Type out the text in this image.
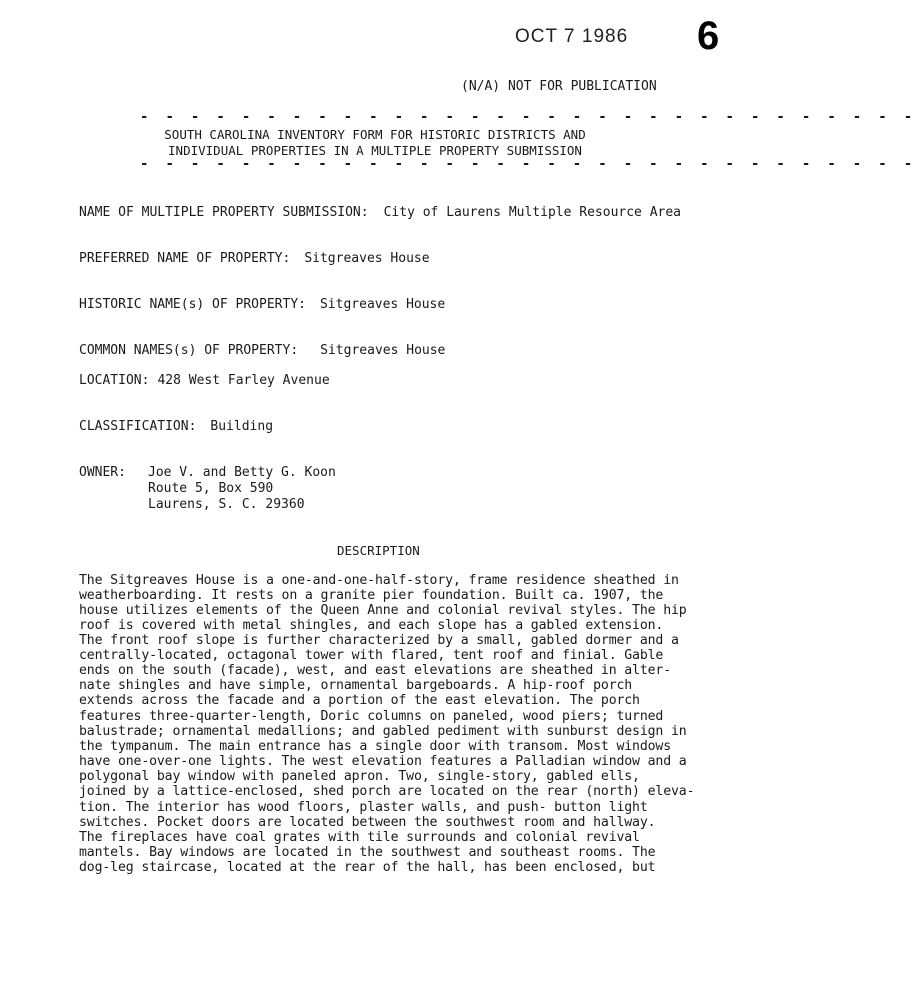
OCT 7 1986 6
(N/A) NOT FOR PUBLICATION
- - - - - - - - - - - - - - - - - - - - - - - - - - - - - - -
SOUTH CAROLINA INVENTORY FORM FOR HISTORIC DISTRICTS AND
INDIVIDUAL PROPERTIES IN A MULTIPLE PROPERTY SUBMISSION
- - - - - - - - - - - - - - - - - - - - - - - - - - - - - - -
NAME OF MULTIPLE PROPERTY SUBMISSION: City of Laurens Multiple Resource Area
PREFERRED NAME OF PROPERTY: Sitgreaves House
HISTORIC NAME(s) OF PROPERTY: Sitgreaves House
COMMON NAMES(s) OF PROPERTY: Sitgreaves House
LOCATION: 428 West Farley Avenue
CLASSIFICATION: Building
OWNER: Joe V. and Betty G. Koon
Route 5, Box 590
Laurens, S. C. 29360
DESCRIPTION
The Sitgreaves House is a one-and-one-half-story, frame residence sheathed in
weatherboarding. It rests on a granite pier foundation. Built ca. 1907, the
house utilizes elements of the Queen Anne and colonial revival styles. The hip
roof is covered with metal shingles, and each slope has a gabled extension.
The front roof slope is further characterized by a small, gabled dormer and a
centrally-located, octagonal tower with flared, tent roof and finial. Gable
ends on the south (facade), west, and east elevations are sheathed in alter-
nate shingles and have simple, ornamental bargeboards. A hip-roof porch
extends across the facade and a portion of the east elevation. The porch
features three-quarter-length, Doric columns on paneled, wood piers; turned
balustrade; ornamental medallions; and gabled pediment with sunburst design in
the tympanum. The main entrance has a single door with transom. Most windows
have one-over-one lights. The west elevation features a Palladian window and a
polygonal bay window with paneled apron. Two, single-story, gabled ells,
joined by a lattice-enclosed, shed porch are located on the rear (north) eleva-
tion. The interior has wood floors, plaster walls, and push- button light
switches. Pocket doors are located between the southwest room and hallway.
The fireplaces have coal grates with tile surrounds and colonial revival
mantels. Bay windows are located in the southwest and southeast rooms. The
dog-leg staircase, located at the rear of the hall, has been enclosed, but
